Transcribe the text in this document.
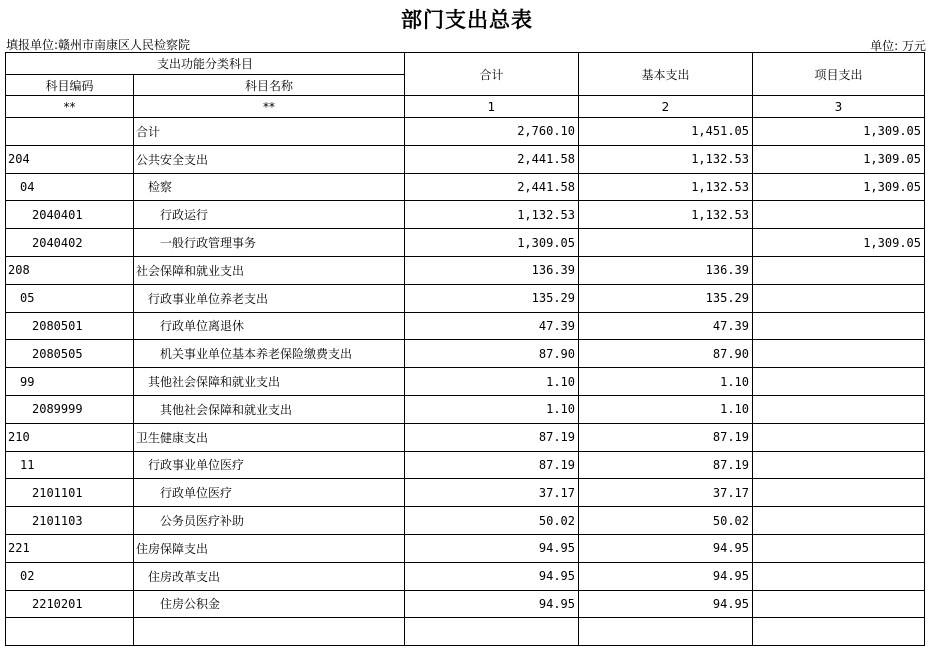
部门支出总表
填报单位:赣州市南康区人民检察院	单位: 万元
支出功能分类科目		合计	基本支出	项目支出
科目编码	科目名称			
**	**	1	2	3
	合计	2,760.10	1,451.05	1,309.05
204	公共安全支出	2,441.58	1,132.53	1,309.05
04	检察	2,441.58	1,132.53	1,309.05
2040401	行政运行	1,132.53	1,132.53	
2040402	一般行政管理事务	1,309.05		1,309.05
208	社会保障和就业支出	136.39	136.39	
05	行政事业单位养老支出	135.29	135.29	
2080501	行政单位离退休	47.39	47.39	
2080505	机关事业单位基本养老保险缴费支出	87.90	87.90	
99	其他社会保障和就业支出	1.10	1.10	
2089999	其他社会保障和就业支出	1.10	1.10	
210	卫生健康支出	87.19	87.19	
11	行政事业单位医疗	87.19	87.19	
2101101	行政单位医疗	37.17	37.17	
2101103	公务员医疗补助	50.02	50.02	
221	住房保障支出	94.95	94.95	
02	住房改革支出	94.95	94.95	
2210201	住房公积金	94.95	94.95	
